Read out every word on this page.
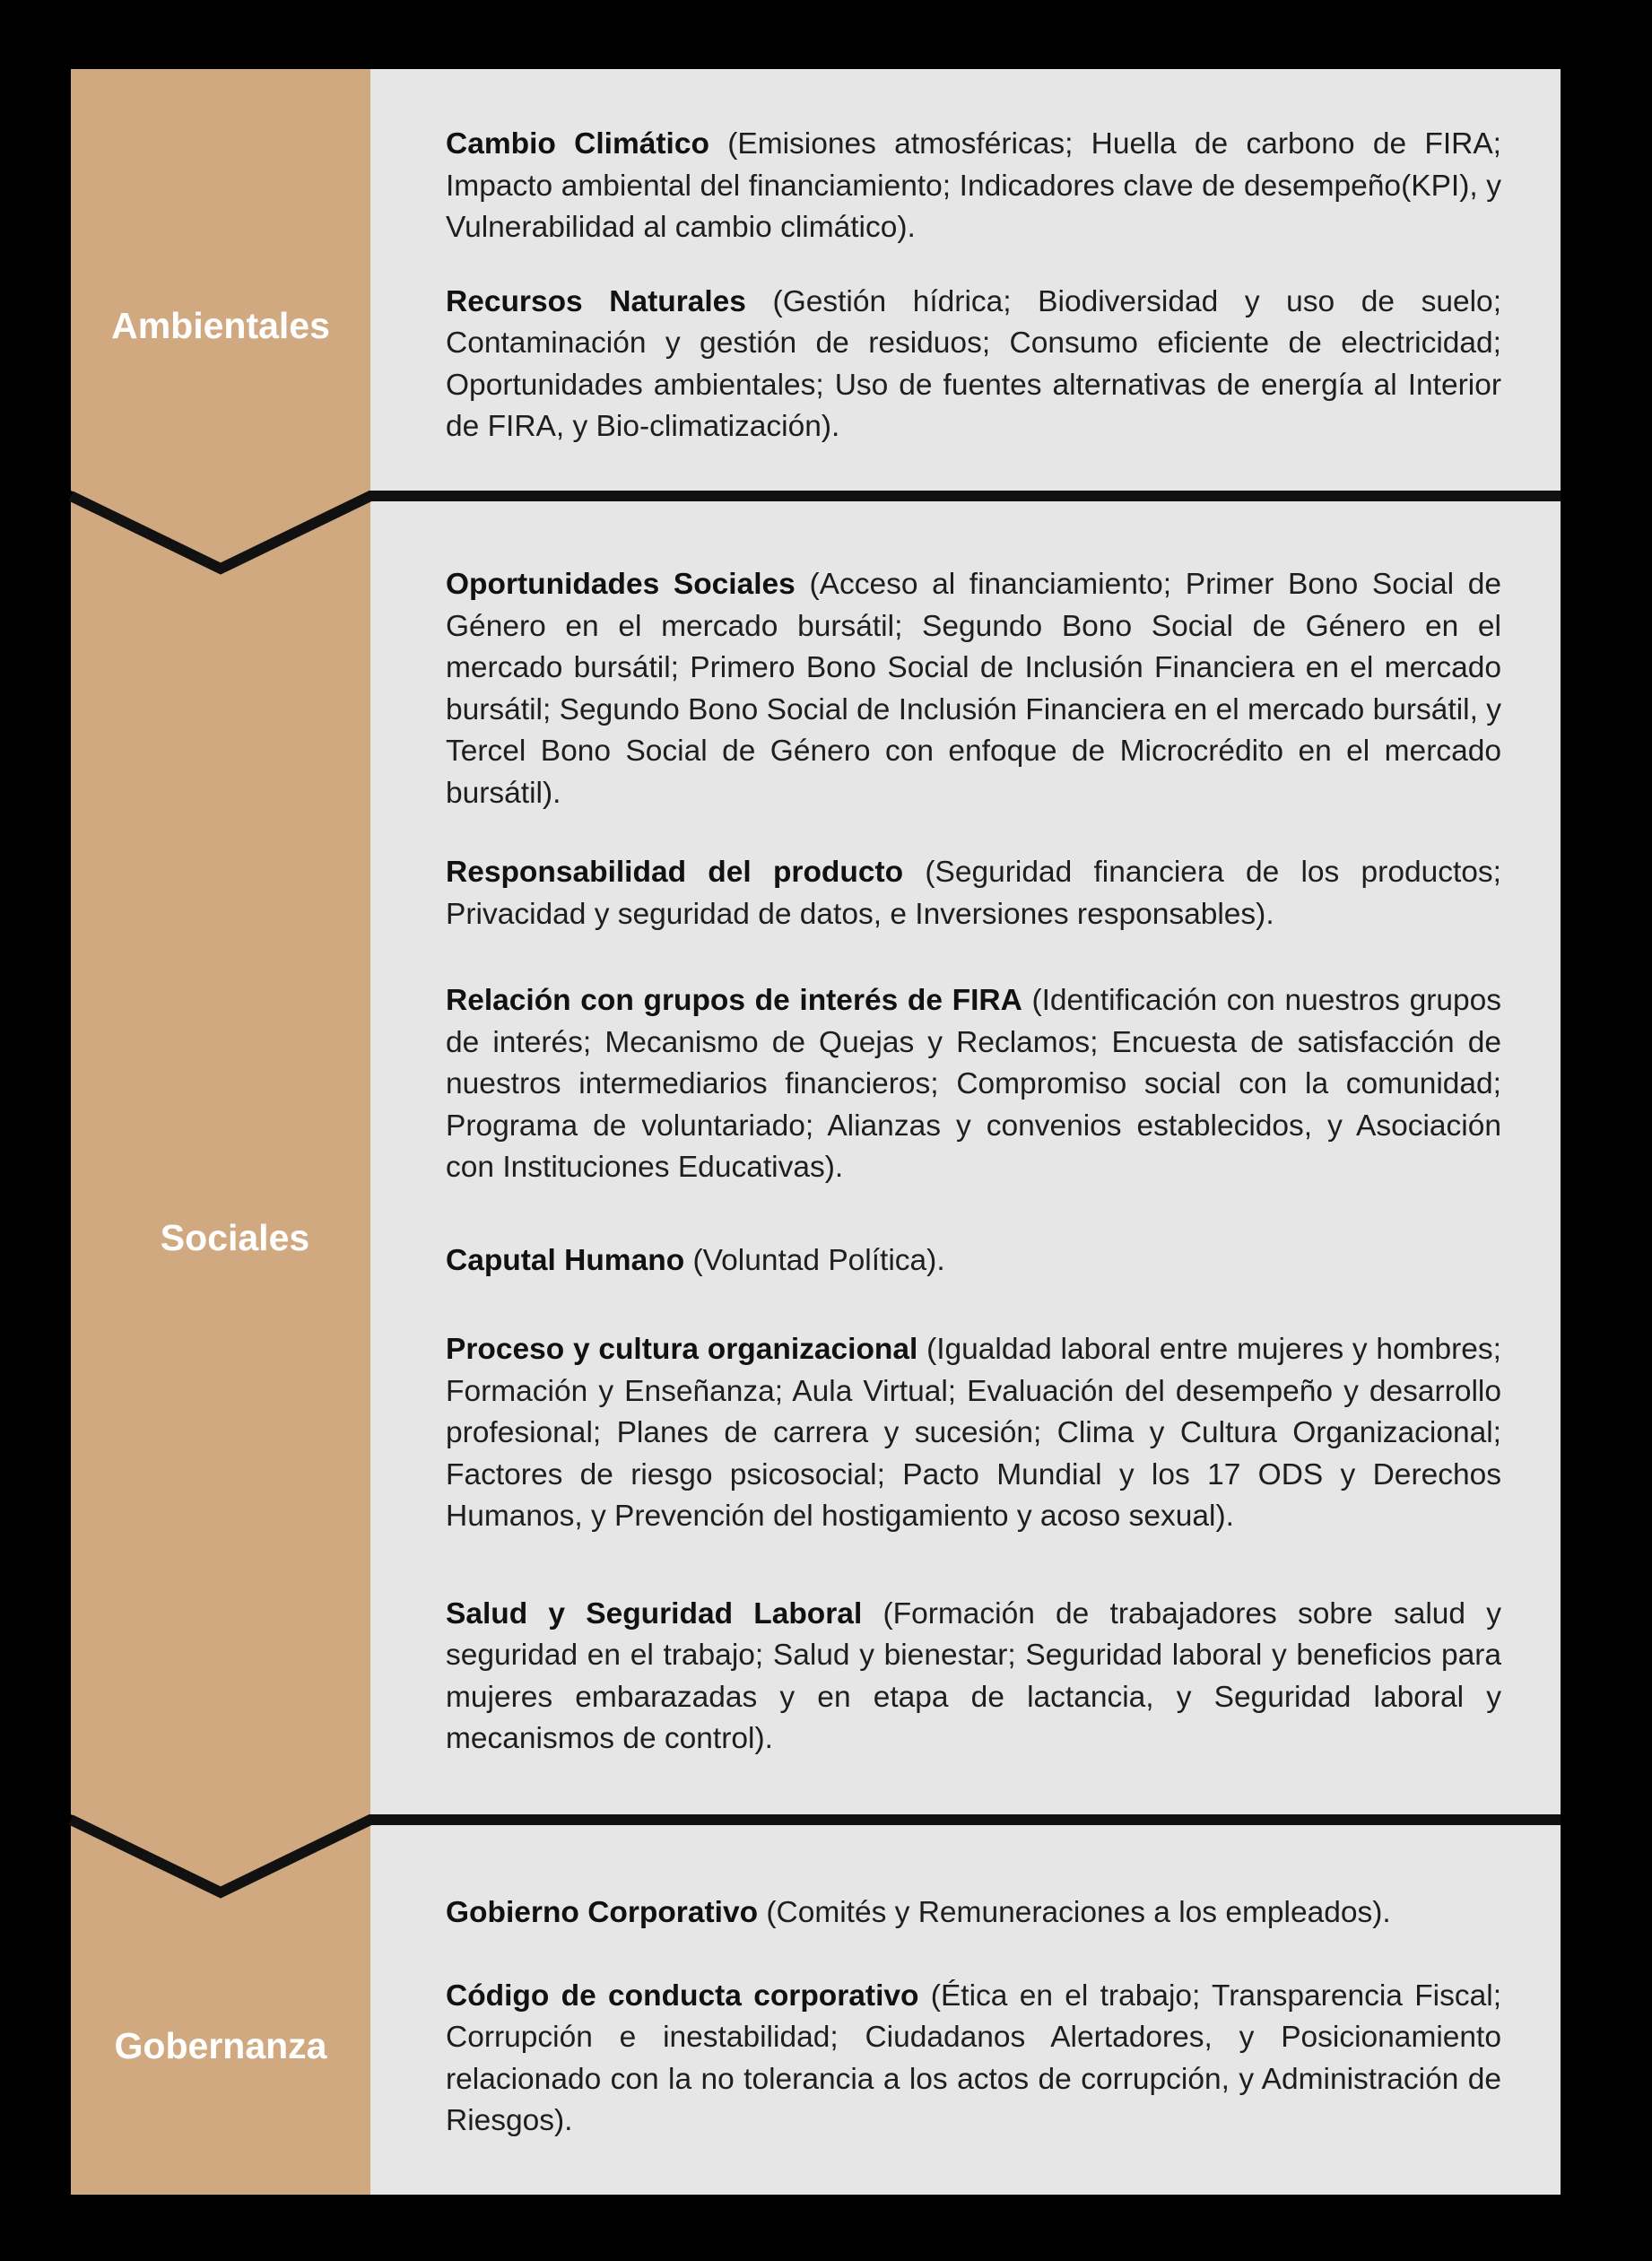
Ambientales
Sociales
Gobernanza

Cambio Climático (Emisiones atmosféricas; Huella de carbono de FIRA; Impacto ambiental del financiamiento; Indicadores clave de desempeño(KPI), y Vulnerabilidad al cambio climático).

Recursos Naturales (Gestión hídrica; Biodiversidad y uso de suelo; Contaminación y gestión de residuos; Consumo eficiente de electricidad; Oportunidades ambientales; Uso de fuentes alternativas de energía al Interior de FIRA, y Bio-climatización).

Oportunidades Sociales (Acceso al financiamiento; Primer Bono Social de Género en el mercado bursátil; Segundo Bono Social de Género en el mercado bursátil; Primero Bono Social de Inclusión Financiera en el mercado bursátil; Segundo Bono Social de Inclusión Financiera en el mercado bursátil, y Tercel Bono Social de Género con enfoque de Microcrédito en el mercado bursátil).

Responsabilidad del producto (Seguridad financiera de los productos; Privacidad y seguridad de datos, e Inversiones responsables).

Relación con grupos de interés de FIRA (Identificación con nuestros grupos de interés; Mecanismo de Quejas y Reclamos; Encuesta de satisfacción de nuestros intermediarios financieros; Compromiso social con la comunidad; Programa de voluntariado; Alianzas y convenios establecidos, y Asociación con Instituciones Educativas).

Caputal Humano (Voluntad Política).

Proceso y cultura organizacional (Igualdad laboral entre mujeres y hombres; Formación y Enseñanza; Aula Virtual; Evaluación del desempeño y desarrollo profesional; Planes de carrera y sucesión; Clima y Cultura Organizacional; Factores de riesgo psicosocial; Pacto Mundial y los 17 ODS y Derechos Humanos, y Prevención del hostigamiento y acoso sexual).

Salud y Seguridad Laboral (Formación de trabajadores sobre salud y seguridad en el trabajo; Salud y bienestar; Seguridad laboral y beneficios para mujeres embarazadas y en etapa de lactancia, y Seguridad laboral y mecanismos de control).

Gobierno Corporativo (Comités y Remuneraciones a los empleados).

Código de conducta corporativo (Ética en el trabajo; Transparencia Fiscal; Corrupción e inestabilidad; Ciudadanos Alertadores, y Posicionamiento relacionado con la no tolerancia a los actos de corrupción, y Administración de Riesgos).
